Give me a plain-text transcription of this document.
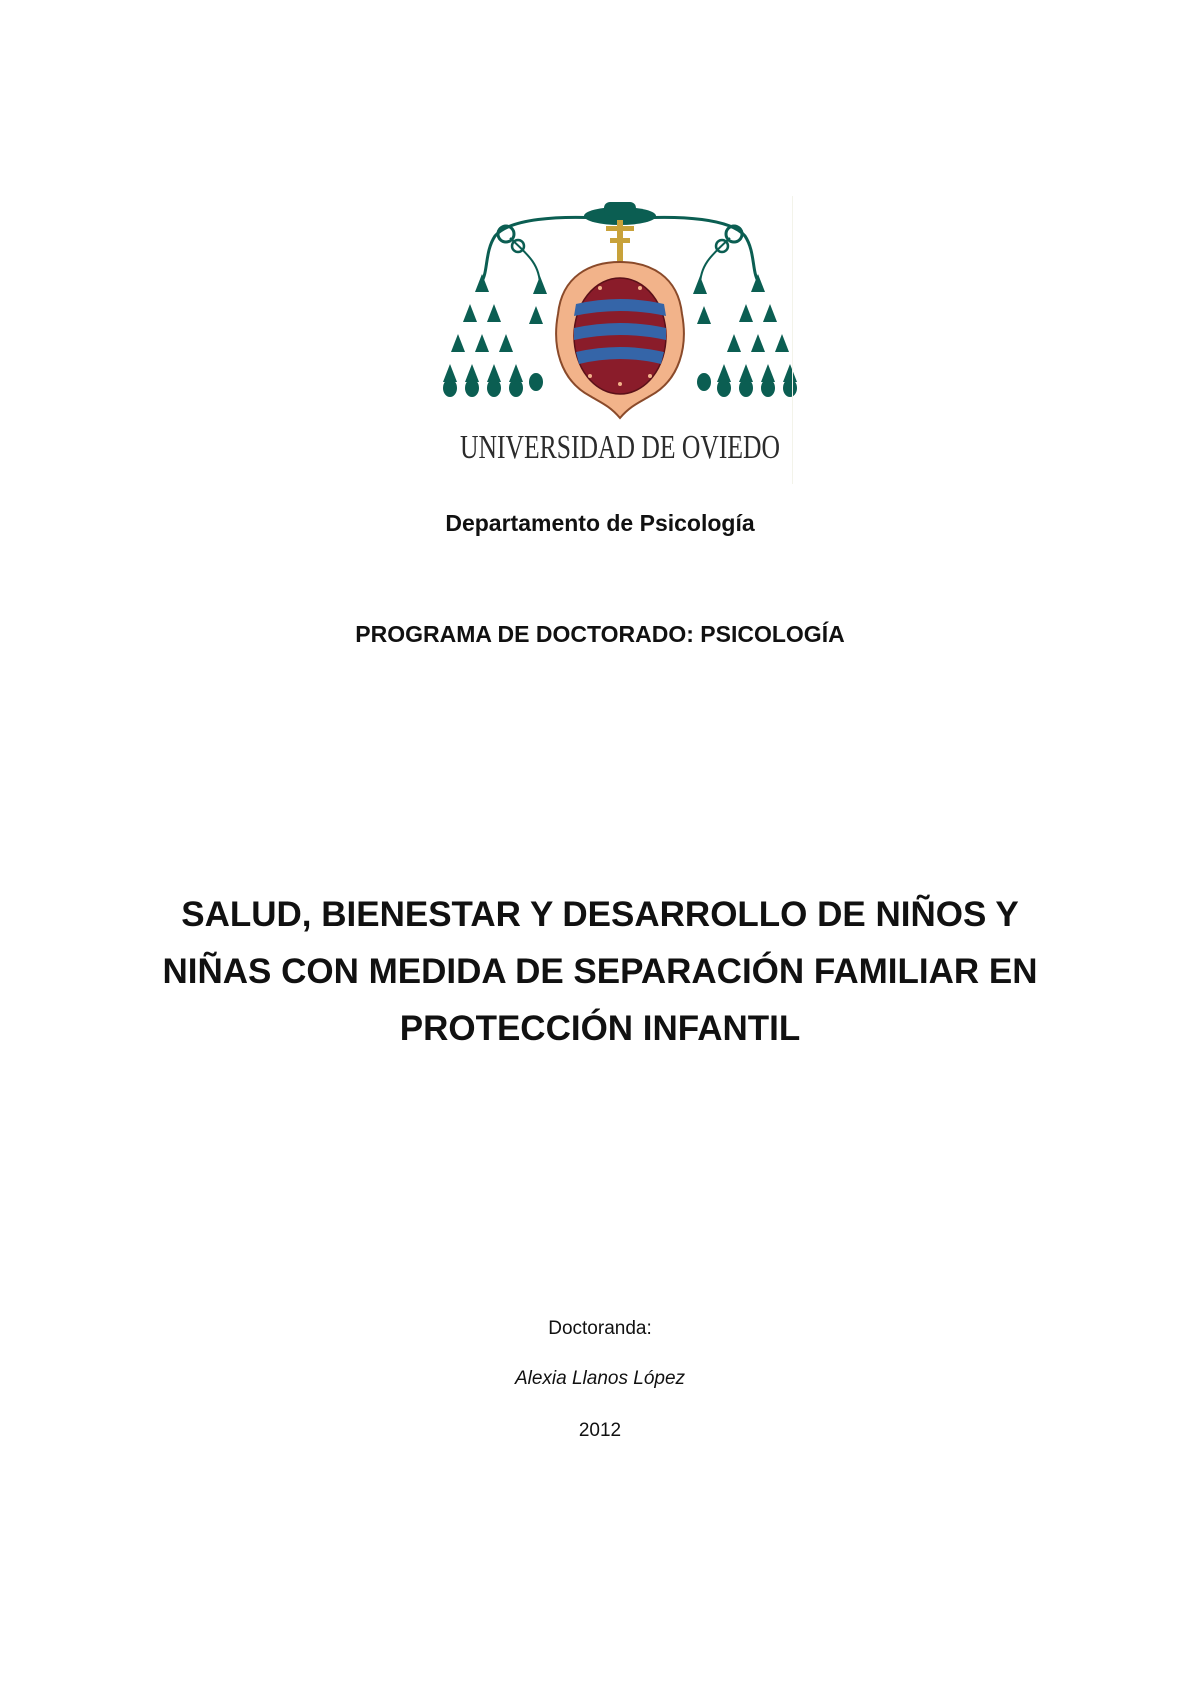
UNIVERSIDAD DE OVIEDO
Departamento de Psicología
PROGRAMA DE DOCTORADO: PSICOLOGÍA
SALUD, BIENESTAR Y DESARROLLO DE NIÑOS Y
NIÑAS CON MEDIDA DE SEPARACIÓN FAMILIAR EN
PROTECCIÓN INFANTIL
Doctoranda:
Alexia Llanos López
2012
